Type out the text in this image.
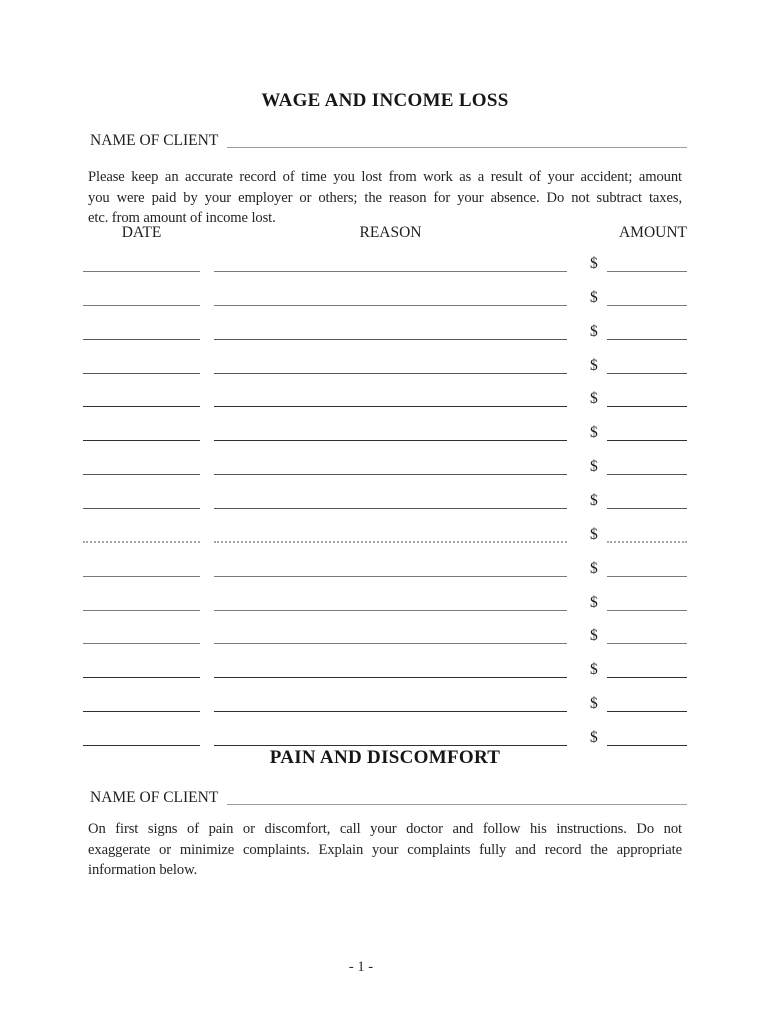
WAGE AND INCOME LOSS
NAME OF CLIENT
Please keep an accurate record of time you lost from work as a result of your accident; amount
you were paid by your employer or others; the reason for your absence. Do not subtract taxes,
etc. from amount of income lost.
DATE	REASON	AMOUNT
$
$
$
$
$
$
$
$
$
$
$
$
$
$
$
PAIN AND DISCOMFORT
NAME OF CLIENT
On first signs of pain or discomfort, call your doctor and follow his instructions. Do not
exaggerate or minimize complaints. Explain your complaints fully and record the appropriate
information below.
- 1 -
